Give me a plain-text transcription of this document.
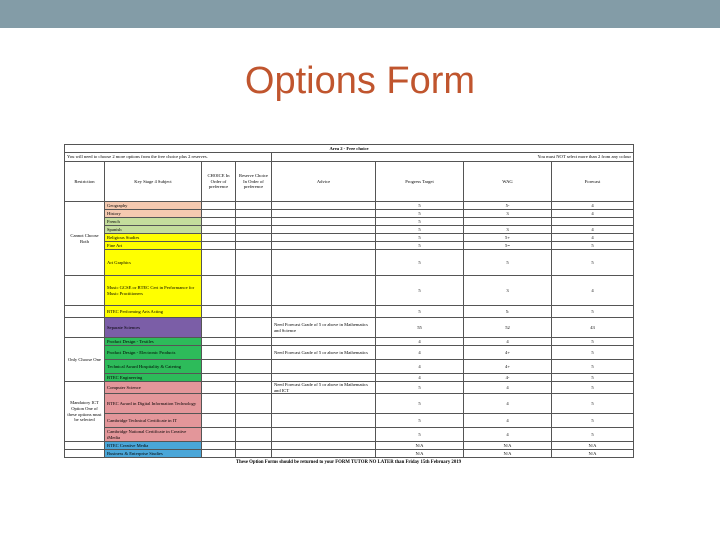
Options Form
Area 2 - Free choice							
You will need to choose 2 more options from the free choice plus 2 reserves.				You must NOT select more than 2 from any colour			
Restriction	Key Stage 4 Subject	CHOICE In Order of preference	Reserve Choice In Order of preference	Advice	Progress Target	WAG	Forecast
Cannot Choose Both	Geography				5	5-	4
	History				5	3	4
	French				5		
	Spanish				5	3	4
	Religious Studies				5	5+	4
	Fine Art				5	5=	5
	Art Graphics				5	5	5
	Music GCSE or BTEC Cert in Performance for Music Practitioners				5	3	4
	BTEC Performing Arts Acting				5	5:	5
	Separate Sciences			Need Forecast Grade of 5 or above in Mathematics and Science	55	52	43
Only Choose One	Product Design - Textiles				4	4	5
	Product Design - Electronic Products			Need Forecast Grade of 5 or above in Mathematics	4	4+	5
	Technical Award Hospitality & Catering				4	4+	5
	BTEC Engineering				4	4-	5
Mandatory ICT Option One of these options must be selected	Computer Science			Need Forecast Grade of 5 or above in Mathematics and ICT	5	4	5
	BTEC Award in Digital Information Technology				5	4	5
	Cambridge Technical Certificate in IT				5	4	5
	Cambridge National Certificate in Creative iMedia				5	4	5
	BTEC Creative Media				N/A	N/A	N/A
	Business & Enterprise Studies				N/A	N/A	N/A
These Option Forms should be returned to your FORM TUTOR NO LATER than Friday 15th February 2019
